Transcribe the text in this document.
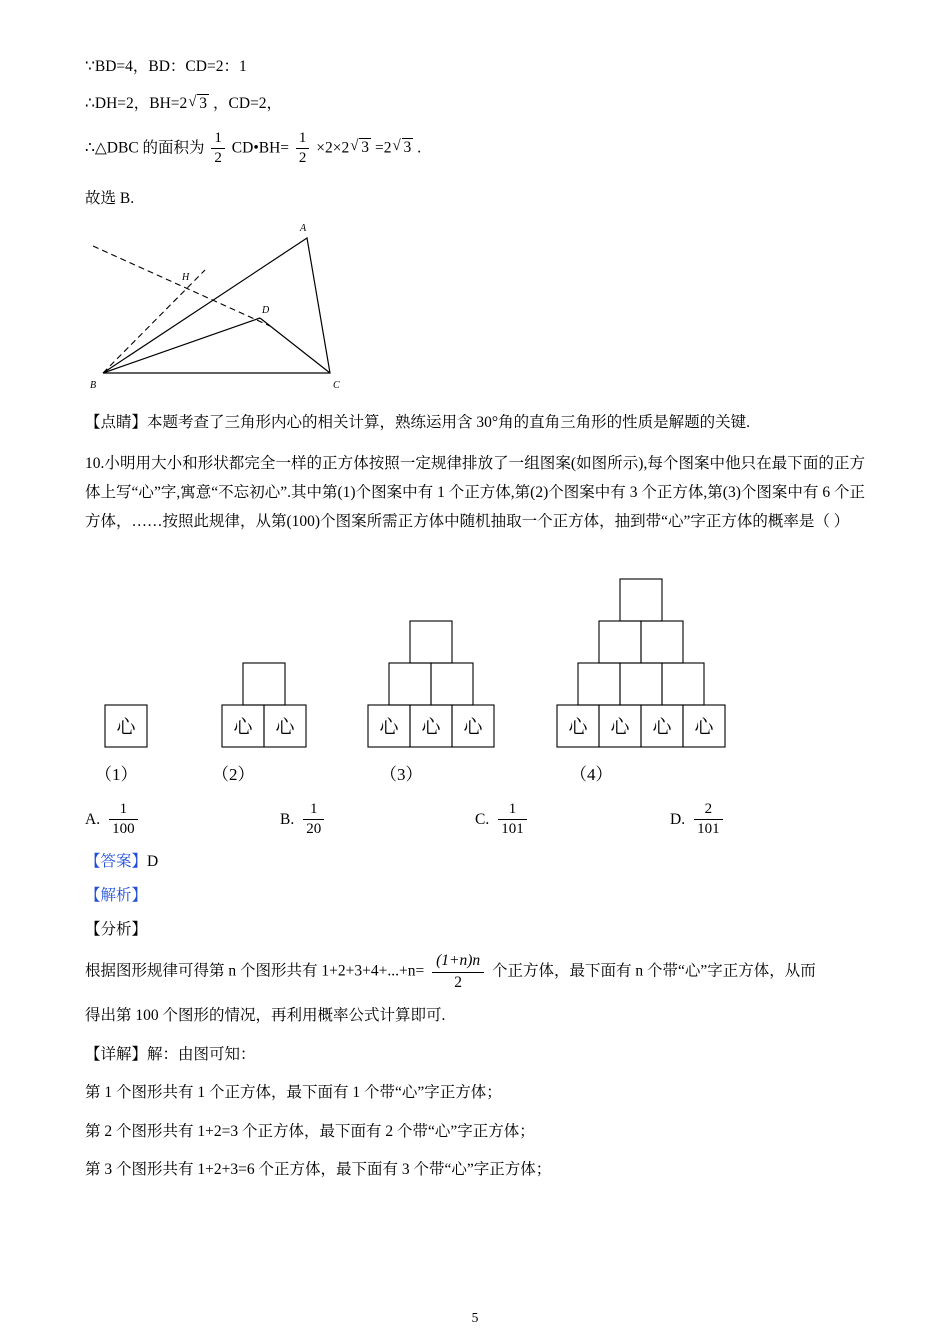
∵BD=4，BD：CD=2：1
∴DH=2，BH=2 √ 3 ，CD=2，
∴△DBC 的面积为 $\frac{1}{2}$ CD•BH= $\frac{1}{2} \times 2\times 2$ √ 3 =2 √ 3 .
故选 B.
A
B	C
D
H
【点睛】本题考查了三角形内心的相关计算，熟练运用含 30°角的直角三角形的性质是解题的关键.
10.小明用大小和形状都完全一样的正方体按照一定规律排放了一组图案(如图所示),每个图案中他只在最下面的正方体上写“心”字,寓意“不忘初心”.其中第(1)个图案中有 1 个正方体,第(2)个图案中有 3 个正方体,第(3)个图案中有 6 个正方体，……按照此规律，从第(100)个图案所需正方体中随机抽取一个正方体，抽到带“心”字正方体的概率是（ ）
心	心 心	心 心 心	心 心 心 心
（1）	（2）	（3）	（4）
A. $\frac{1}{100}$	B. $\frac{1}{20}$	C. $\frac{1}{101}$	D. $\frac{2}{101}$
【答案】D
【解析】
【分析】
根据图形规律可得第 n 个图形共有 $1+2+3+4+...+n= \frac{(1+n)n}{2}$ 个正方体，最下面有 n 个带“心”字正方体，从而
得出第 100 个图形的情况，再利用概率公式计算即可.
【详解】解：由图可知：
第 1 个图形共有 1 个正方体，最下面有 1 个带“心”字正方体；
第 2 个图形共有 1+2=3 个正方体，最下面有 2 个带“心”字正方体；
第 3 个图形共有 1+2+3=6 个正方体，最下面有 3 个带“心”字正方体；
5
